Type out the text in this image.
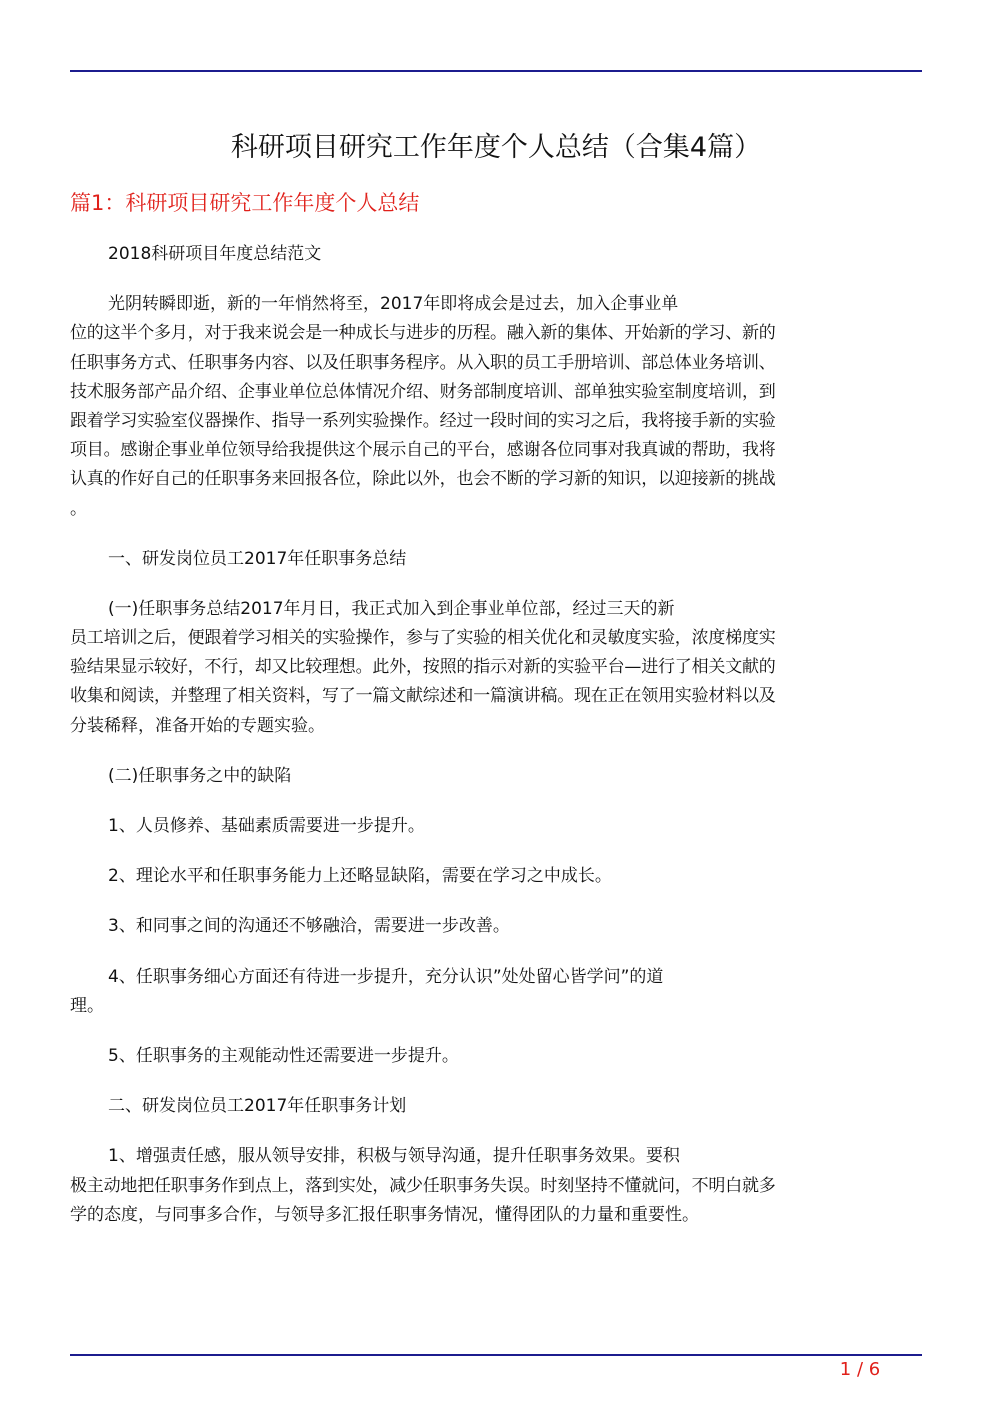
科研项目研究工作年度个人总结（合集4篇）
篇1：科研项目研究工作年度个人总结
2018科研项目年度总结范文
光阴转瞬即逝，新的一年悄然将至，2017年即将成会是过去，加入企事业单
位的这半个多月，对于我来说会是一种成长与进步的历程。融入新的集体、开始新的学习、新的
任职事务方式、任职事务内容、以及任职事务程序。从入职的员工手册培训、部总体业务培训、
技术服务部产品介绍、企事业单位总体情况介绍、财务部制度培训、部单独实验室制度培训，到
跟着学习实验室仪器操作、指导一系列实验操作。经过一段时间的实习之后，我将接手新的实验
项目。感谢企事业单位领导给我提供这个展示自己的平台，感谢各位同事对我真诚的帮助，我将
认真的作好自己的任职事务来回报各位，除此以外，也会不断的学习新的知识，以迎接新的挑战
。
一、研发岗位员工2017年任职事务总结
(一)任职事务总结2017年月日，我正式加入到企事业单位部，经过三天的新
员工培训之后，便跟着学习相关的实验操作，参与了实验的相关优化和灵敏度实验，浓度梯度实
验结果显示较好，不行，却又比较理想。此外，按照的指示对新的实验平台—进行了相关文献的
收集和阅读，并整理了相关资料，写了一篇文献综述和一篇演讲稿。现在正在领用实验材料以及
分装稀释，准备开始的专题实验。
(二)任职事务之中的缺陷
1、人员修养、基础素质需要进一步提升。
2、理论水平和任职事务能力上还略显缺陷，需要在学习之中成长。
3、和同事之间的沟通还不够融洽，需要进一步改善。
4、任职事务细心方面还有待进一步提升，充分认识”处处留心皆学问”的道
理。
5、任职事务的主观能动性还需要进一步提升。
二、研发岗位员工2017年任职事务计划
1、增强责任感，服从领导安排，积极与领导沟通，提升任职事务效果。要积
极主动地把任职事务作到点上，落到实处，减少任职事务失误。时刻坚持不懂就问，不明白就多
学的态度，与同事多合作，与领导多汇报任职事务情况，懂得团队的力量和重要性。
1 / 6
